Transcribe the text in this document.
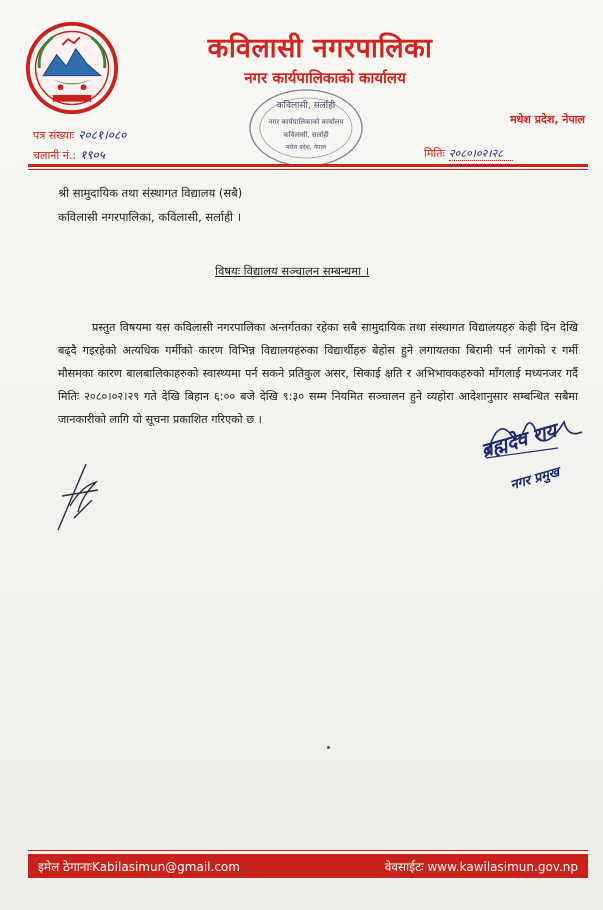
कविलासी नगरपालिका
नगर कार्यपालिकाको कार्यालय
कविलासी, सर्लाही
नगर कार्यपालिकाको कार्यालय
कविलासी, सर्लाही
मधेश प्रदेश, नेपाल
मधेश प्रदेश, नेपाल
पत्र संख्याः २०८१।०८०
चलानी नं.: १९०५	मितिः २०८०।०२।२८
श्री सामुदायिक तथा संस्थागत विद्यालय (सबै)
कविलासी नगरपालिका, कविलासी, सर्लाही ।
विषयः विद्यालय सञ्चालन सम्बन्धमा ।

प्रस्तुत विषयमा यस कविलासी नगरपालिका अन्तर्गतका रहेका सबै सामुदायिक तथा संस्थागत विद्यालयहरु केही दिन देखि बढ्दै गइरहेको अत्यधिक गर्मीको कारण विभिन्न विद्यालयहरुका विद्यार्थीहरु बेहोस हुने लगायतका बिरामी पर्न लागेको र गर्मी मौसमका कारण बालबालिकाहरुको स्वास्थ्यमा पर्न सकने प्रतिकुल असर, सिकाई क्षति र अभिभावकहरुको माँगलाई मध्यनजर गर्दै मितिः २०८०।०२।२९ गते देखि बिहान ६:०० बजे देखि ९:३० सम्म नियमित सञ्चालन हुने व्यहोरा आदेशानुसार सम्बन्धित सबैमा जानकारीको लागि यो सूचना प्रकाशित गरिएको छ ।

ब्रह्मदेव राय
नगर प्रमुख
इमेल ठेगानाःKabilasimun@gmail.com	वेवसाईटः www.kawilasimun.gov.np
